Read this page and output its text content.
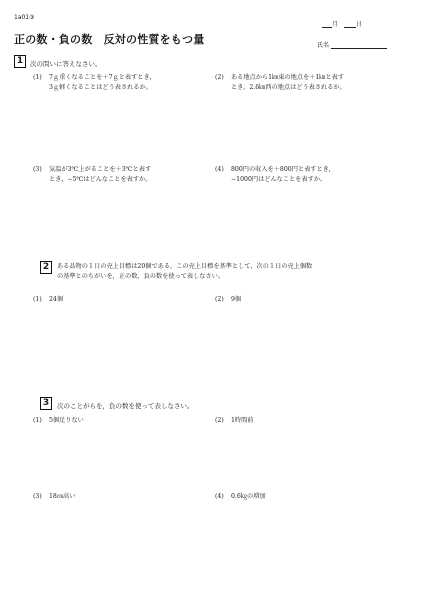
1a01③
正の数・負の数　反対の性質をもつ量
月	日
氏名
1	次の問いに答えなさい。
(1) 7ｇ重くなることを＋7ｇと表すとき，
3ｇ軽くなることはどう表されるか。
(2) ある地点から1㎞東の地点を＋1㎞と表す
とき，2.6㎞西の地点はどう表されるか。
(3) 気温が3℃上がることを＋3℃と表す
とき，−5℃はどんなことを表すか。
(4) 800円の収入を＋800円と表すとき，
−1000円はどんなことを表すか。
2	ある品物の１日の売上目標は20個である。この売上目標を基準として，次の１日の売上個数
の基準とのちがいを，正の数，負の数を使って表しなさい。
(1) 24個	(2) 9個
3	次のことがらを，負の数を使って表しなさい。
(1) 5個足りない	(2) 1時間前
(3) 18㎝高い	(4) 0.6㎏の増加
